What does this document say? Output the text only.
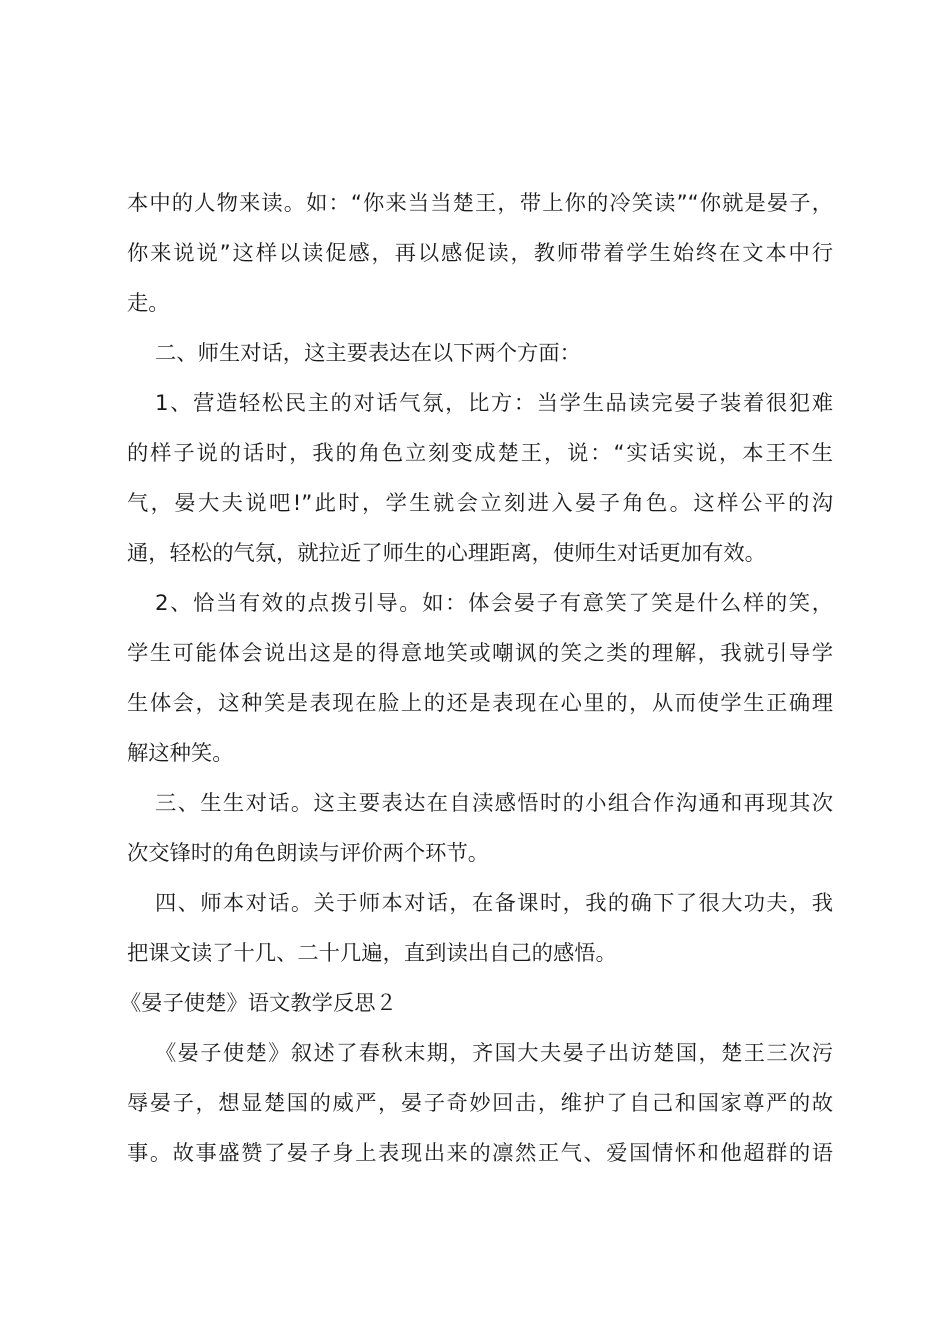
本中的人物来读。如：“你来当当楚王，带上你的冷笑读”“你就是晏子，
你来说说”这样以读促感，再以感促读，教师带着学生始终在文本中行
走。
二、师生对话，这主要表达在以下两个方面：
1、营造轻松民主的对话气氛，比方：当学生品读完晏子装着很犯难
的样子说的话时，我的角色立刻变成楚王，说：“实话实说，本王不生
气，晏大夫说吧!”此时，学生就会立刻进入晏子角色。这样公平的沟
通，轻松的气氛，就拉近了师生的心理距离，使师生对话更加有效。
2、恰当有效的点拨引导。如：体会晏子有意笑了笑是什么样的笑，
学生可能体会说出这是的得意地笑或嘲讽的笑之类的理解，我就引导学
生体会，这种笑是表现在脸上的还是表现在心里的，从而使学生正确理
解这种笑。
三、生生对话。这主要表达在自渎感悟时的小组合作沟通和再现其次
次交锋时的角色朗读与评价两个环节。
四、师本对话。关于师本对话，在备课时，我的确下了很大功夫，我
把课文读了十几、二十几遍，直到读出自己的感悟。
《晏子使楚》语文教学反思２
《晏子使楚》叙述了春秋末期，齐国大夫晏子出访楚国，楚王三次污
辱晏子，想显楚国的威严，晏子奇妙回击，维护了自己和国家尊严的故
事。故事盛赞了晏子身上表现出来的凛然正气、爱国情怀和他超群的语
